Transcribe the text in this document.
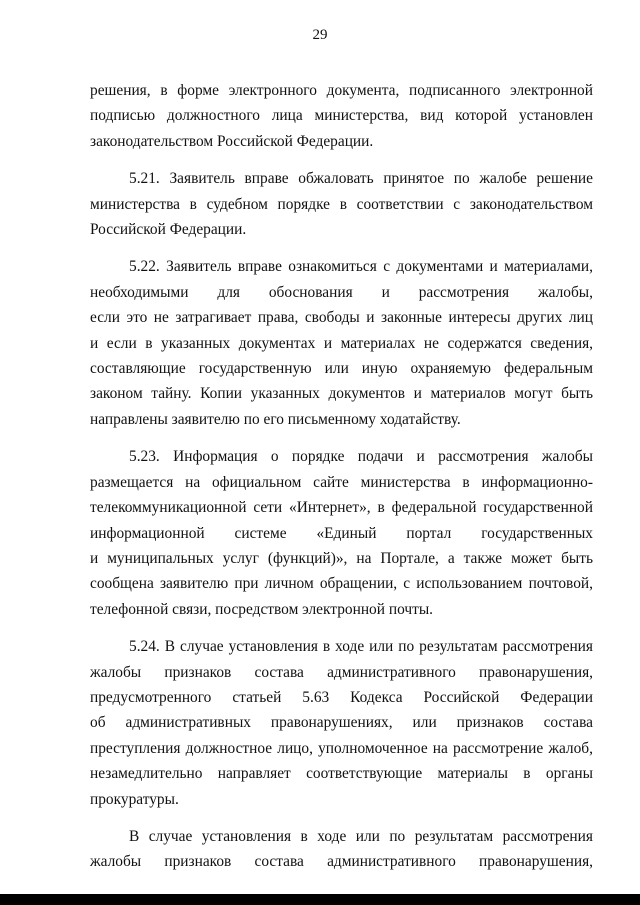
29

решения, в форме электронного документа, подписанного электронной
подписью должностного лица министерства, вид которой установлен
законодательством Российской Федерации.

5.21. Заявитель вправе обжаловать принятое по жалобе решение
министерства в судебном порядке в соответствии с законодательством
Российской Федерации.

5.22. Заявитель вправе ознакомиться с документами и материалами,
необходимыми для обоснования и рассмотрения жалобы,
если это не затрагивает права, свободы и законные интересы других лиц
и если в указанных документах и материалах не содержатся сведения,
составляющие государственную или иную охраняемую федеральным
законом тайну. Копии указанных документов и материалов могут быть
направлены заявителю по его письменному ходатайству.

5.23. Информация о порядке подачи и рассмотрения жалобы
размещается на официальном сайте министерства в информационно-
телекоммуникационной сети «Интернет», в федеральной государственной
информационной системе «Единый портал государственных
и муниципальных услуг (функций)», на Портале, а также может быть
сообщена заявителю при личном обращении, с использованием почтовой,
телефонной связи, посредством электронной почты.

5.24. В случае установления в ходе или по результатам рассмотрения
жалобы признаков состава административного правонарушения,
предусмотренного статьей 5.63 Кодекса Российской Федерации
об административных правонарушениях, или признаков состава
преступления должностное лицо, уполномоченное на рассмотрение жалоб,
незамедлительно направляет соответствующие материалы в органы
прокуратуры.

В случае установления в ходе или по результатам рассмотрения
жалобы признаков состава административного правонарушения,
